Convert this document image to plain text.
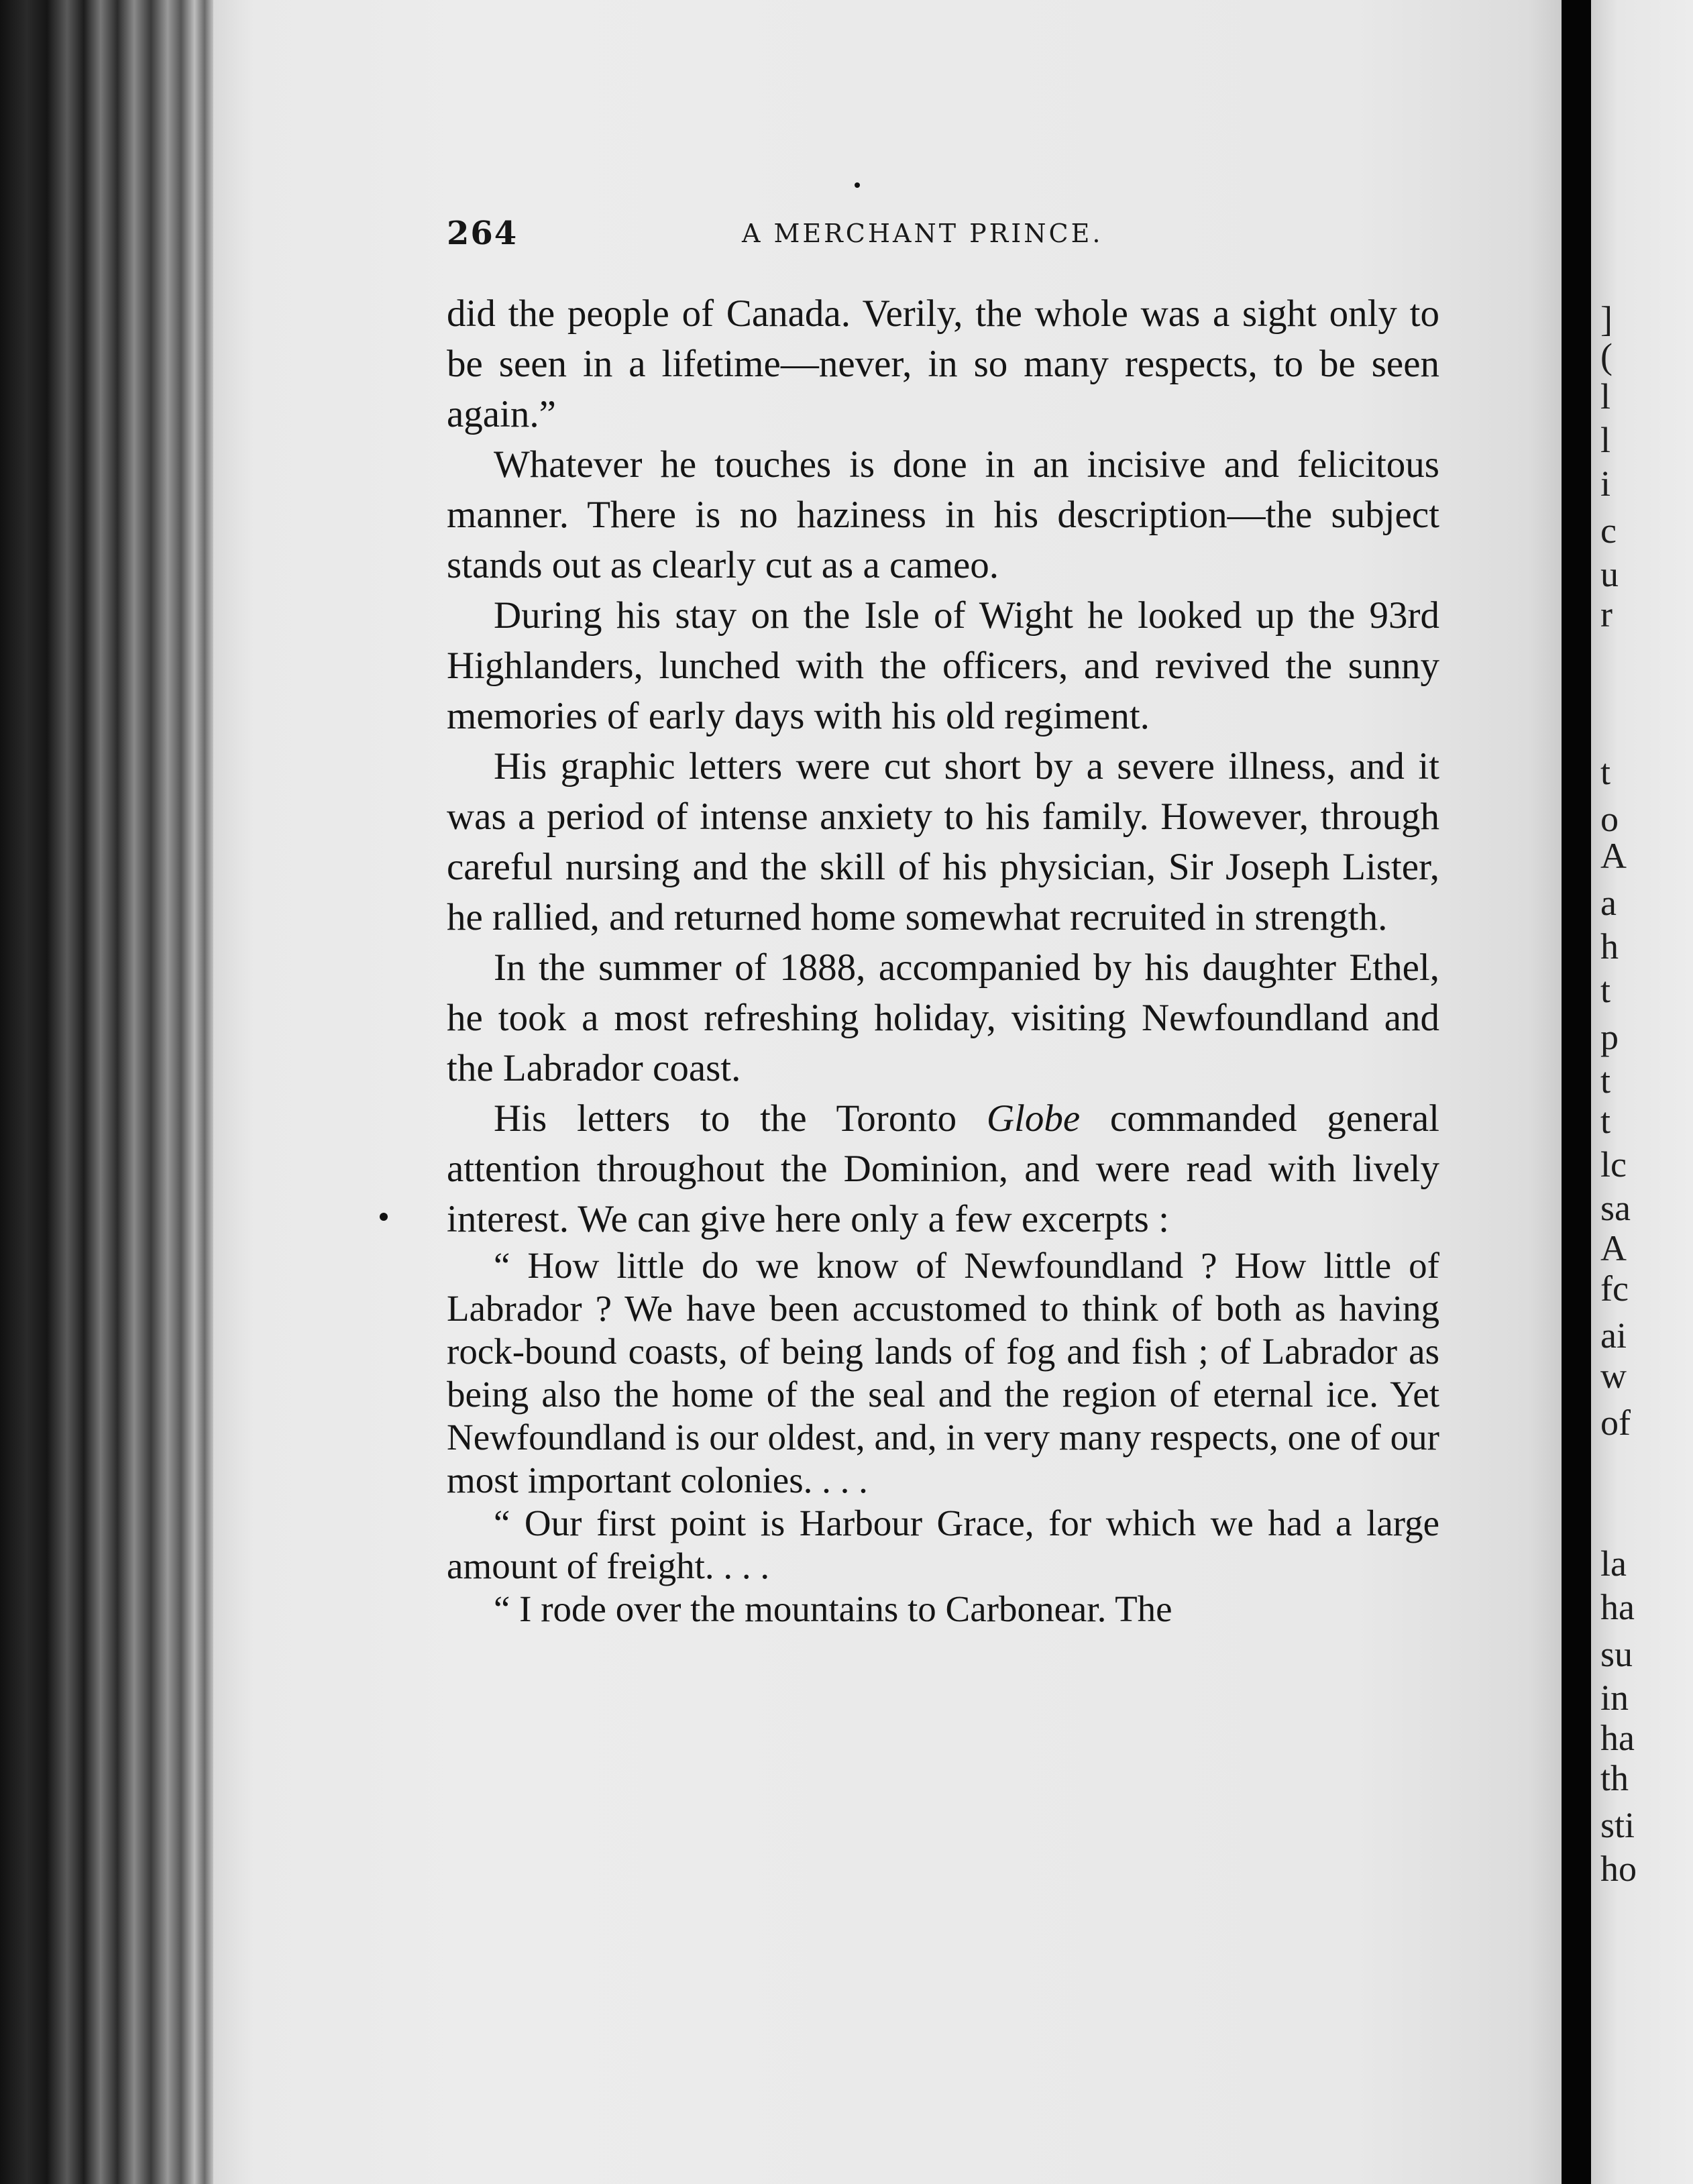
]
(
l
l
i
c
u
r
t
o
A
a
h
t
p
t
t
lc
sa
A
fc
ai
w
of
la
ha
su
in
ha
th
sti
ho
264	A MERCHANT PRINCE.

did the people of Canada. Verily, the whole was a sight only to be seen in a lifetime—never, in so many respects, to be seen again.”

Whatever he touches is done in an incisive and felicitous manner. There is no haziness in his description—the subject stands out as clearly cut as a cameo.

During his stay on the Isle of Wight he looked up the 93rd Highlanders, lunched with the officers, and revived the sunny memories of early days with his old regiment.

His graphic letters were cut short by a severe illness, and it was a period of intense anxiety to his family. However, through careful nursing and the skill of his physician, Sir Joseph Lister, he rallied, and returned home somewhat recruited in strength.

In the summer of 1888, accompanied by his daughter Ethel, he took a most refreshing holiday, visiting Newfoundland and the Labrador coast.

His letters to the Toronto Globe commanded general attention throughout the Dominion, and were read with lively interest. We can give here only a few excerpts :

“ How little do we know of Newfoundland ? How little of Labrador ? We have been accustomed to think of both as having rock-bound coasts, of being lands of fog and fish ; of Labrador as being also the home of the seal and the region of eternal ice. Yet Newfoundland is our oldest, and, in very many respects, one of our most important colonies. . . .

“ Our first point is Harbour Grace, for which we had a large amount of freight. . . .

“ I rode over the mountains to Carbonear. The
